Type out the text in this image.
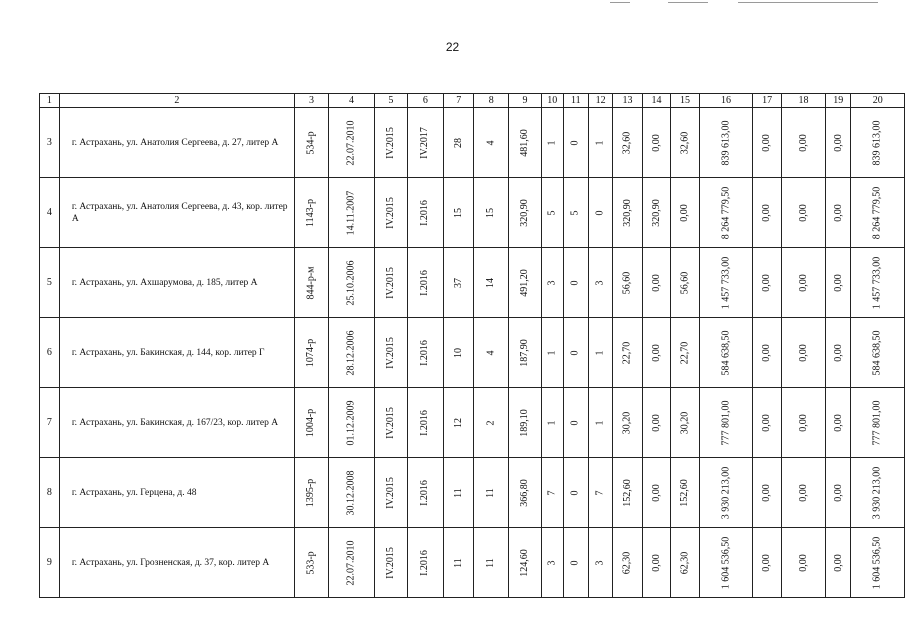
22
1	2	3	4	5	6	7	8	9	10	11	12	13	14	15	16	17	18	19	20
3	г. Астрахань, ул. Анатолия Сергеева, д. 27, литер А	534-р	22.07.2010	IV.2015	IV.2017	28	4	481,60	1	0	1	32,60	0,00	32,60	839 613,00	0,00	0,00	0,00	839 613,00
4	г. Астрахань, ул. Анатолия Сергеева, д. 43, кор. литер А	1143-р	14.11.2007	IV.2015	I.2016	15	15	320,90	5	5	0	320,90	320,90	0,00	8 264 779,50	0,00	0,00	0,00	8 264 779,50
5	г. Астрахань, ул. Ахшарумова, д. 185, литер А	844-р-м	25.10.2006	IV.2015	I.2016	37	14	491,20	3	0	3	56,60	0,00	56,60	1 457 733,00	0,00	0,00	0,00	1 457 733,00
6	г. Астрахань, ул. Бакинская, д. 144, кор. литер Г	1074-р	28.12.2006	IV.2015	I.2016	10	4	187,90	1	0	1	22,70	0,00	22,70	584 638,50	0,00	0,00	0,00	584 638,50
7	г. Астрахань, ул. Бакинская, д. 167/23, кор. литер А	1004-р	01.12.2009	IV.2015	I.2016	12	2	189,10	1	0	1	30,20	0,00	30,20	777 801,00	0,00	0,00	0,00	777 801,00
8	г. Астрахань, ул. Герцена, д. 48	1395-р	30.12.2008	IV.2015	I.2016	11	11	366,80	7	0	7	152,60	0,00	152,60	3 930 213,00	0,00	0,00	0,00	3 930 213,00
9	г. Астрахань, ул. Грозненская, д. 37, кор. литер А	533-р	22.07.2010	IV.2015	I.2016	11	11	124,60	3	0	3	62,30	0,00	62,30	1 604 536,50	0,00	0,00	0,00	1 604 536,50
